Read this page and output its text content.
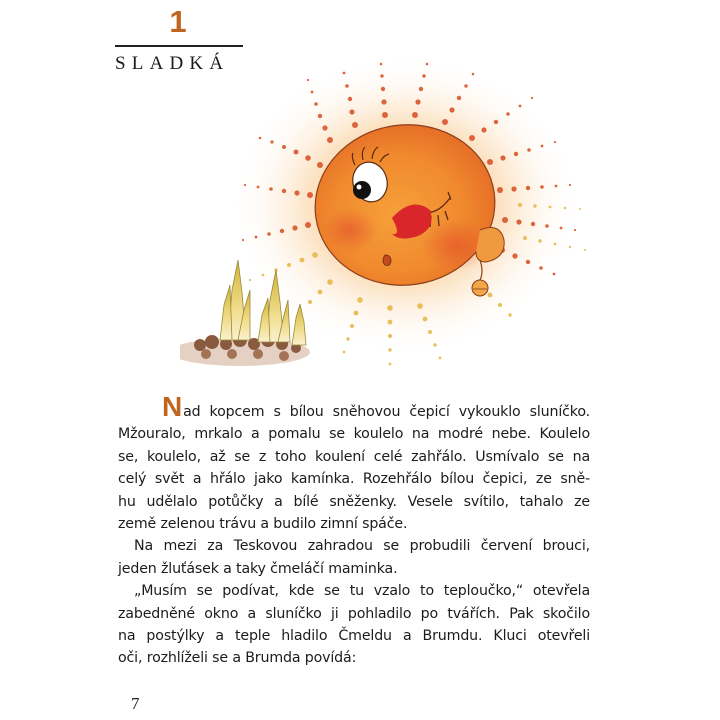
1
SLADKÁ

Nad kopcem s bílou sněhovou čepicí vykouklo sluníčko.
Mžouralo, mrkalo a pomalu se koulelo na modré nebe. Koulelo
se, koulelo, až se z toho koulení celé zahřálo. Usmívalo se na
celý svět a hřálo jako kamínka. Rozehřálo bílou čepici, ze sně-
hu udělalo potůčky a bílé sněženky. Vesele svítilo, tahalo ze
země zelenou trávu a budilo zimní spáče.

Na mezi za Teskovou zahradou se probudili červení brouci,
jeden žluťásek a taky čmeláčí maminka.

„Musím se podívat, kde se tu vzalo to teploučko,“ otevřela
zabedněné okno a sluníčko ji pohladilo po tvářích. Pak skočilo
na postýlky a teple hladilo Čmeldu a Brumdu. Kluci otevřeli
oči, rozhlíželi se a Brumda povídá:

7
